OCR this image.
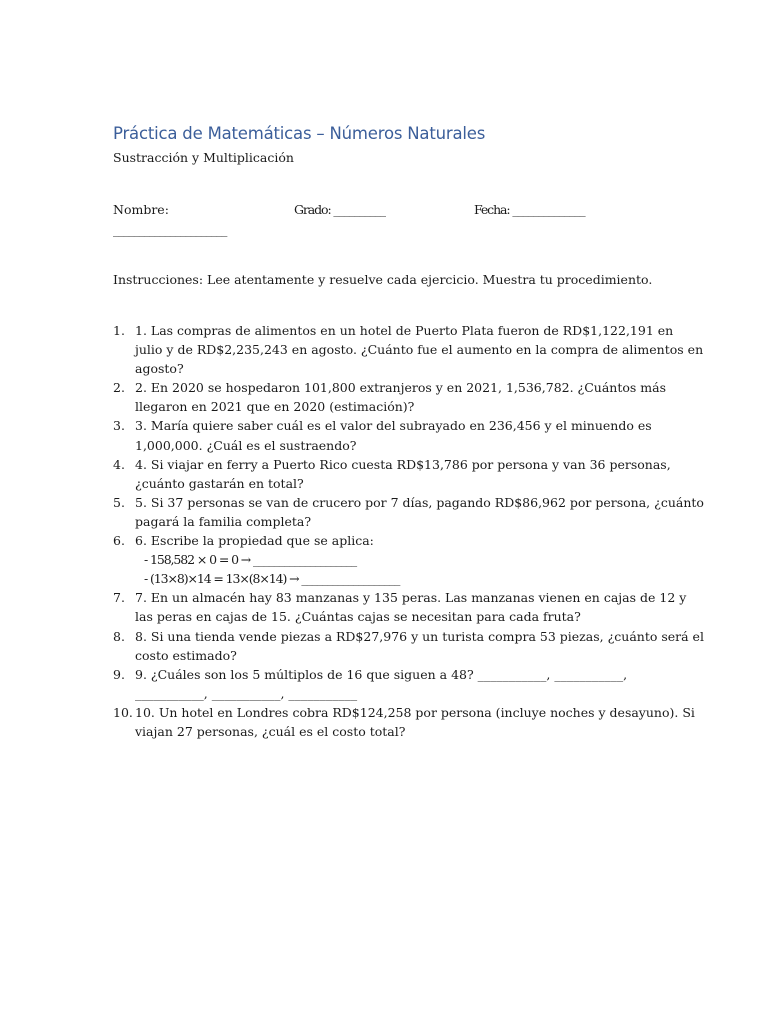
Práctica de Matemáticas – Números Naturales
Sustracción y Multiplicación
Nombre:	Grado: __________	Fecha: ______________
______________________
Instrucciones: Lee atentamente y resuelve cada ejercicio. Muestra tu procedimiento.
1. 1. Las compras de alimentos en un hotel de Puerto Plata fueron de RD$1,122,191 en
julio y de RD$2,235,243 en agosto. ¿Cuánto fue el aumento en la compra de alimentos en
agosto?
2. 2. En 2020 se hospedaron 101,800 extranjeros y en 2021, 1,536,782. ¿Cuántos más
llegaron en 2021 que en 2020 (estimación)?
3. 3. María quiere saber cuál es el valor del subrayado en 236,456 y el minuendo es
1,000,000. ¿Cuál es el sustraendo?
4. 4. Si viajar en ferry a Puerto Rico cuesta RD$13,786 por persona y van 36 personas,
¿cuánto gastarán en total?
5. 5. Si 37 personas se van de crucero por 7 días, pagando RD$86,962 por persona, ¿cuánto
pagará la familia completa?
6. 6. Escribe la propiedad que se aplica:
- 158,582 × 0 = 0 → ____________________
- (13×8)×14 = 13×(8×14) → ___________________
7. 7. En un almacén hay 83 manzanas y 135 peras. Las manzanas vienen en cajas de 12 y
las peras en cajas de 15. ¿Cuántas cajas se necesitan para cada fruta?
8. 8. Si una tienda vende piezas a RD$27,976 y un turista compra 53 piezas, ¿cuánto será el
costo estimado?
9. 9. ¿Cuáles son los 5 múltiplos de 16 que siguen a 48? ___________, ___________,
___________, ___________, ___________
10. 10. Un hotel en Londres cobra RD$124,258 por persona (incluye noches y desayuno). Si
viajan 27 personas, ¿cuál es el costo total?
